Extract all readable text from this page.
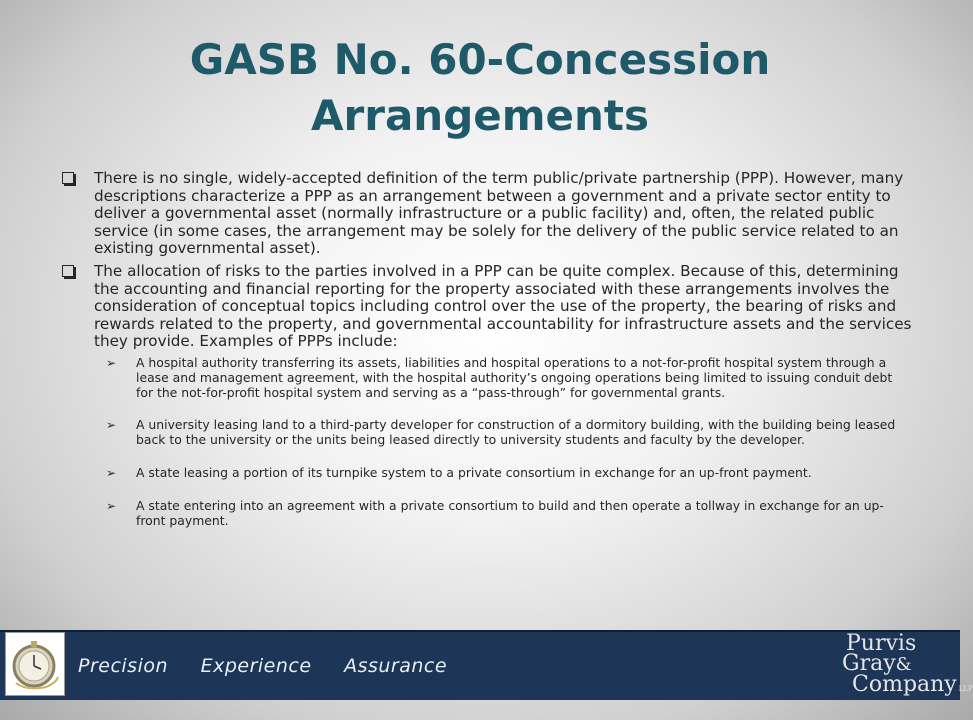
GASB No. 60-Concession
Arrangements
There is no single, widely-accepted definition of the term public/private partnership (PPP). However, many descriptions characterize a PPP as an arrangement between a government and a private sector entity to deliver a governmental asset (normally infrastructure or a public facility) and, often, the related public service (in some cases, the arrangement may be solely for the delivery of the public service related to an existing governmental asset).
The allocation of risks to the parties involved in a PPP can be quite complex. Because of this, determining the accounting and financial reporting for the property associated with these arrangements involves the consideration of conceptual topics including control over the use of the property, the bearing of risks and rewards related to the property, and governmental accountability for infrastructure assets and the services they provide. Examples of PPPs include:
➢ A hospital authority transferring its assets, liabilities and hospital operations to a not-for-profit hospital system through a lease and management agreement, with the hospital authority’s ongoing operations being limited to issuing conduit debt for the not-for-profit hospital system and serving as a “pass-through” for governmental grants.
➢ A university leasing land to a third-party developer for construction of a dormitory building, with the building being leased back to the university or the units being leased directly to university students and faculty by the developer.
➢ A state leasing a portion of its turnpike system to a private consortium in exchange for an up-front payment.
➢ A state entering into an agreement with a private consortium to build and then operate a tollway in exchange for an up-front payment.
Precision Experience Assurance
Purvis
Gray&
Company LLP
